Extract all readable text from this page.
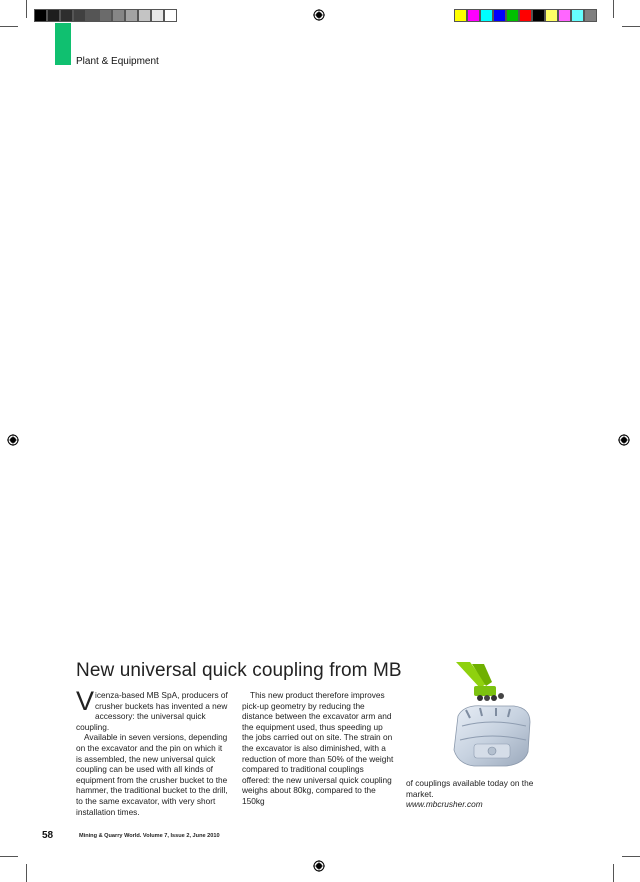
Plant & Equipment
New universal quick coupling from MB

Vicenza-based MB SpA, producers of crusher buckets has invented a new accessory: the universal quick coupling.

Available in seven versions, depending on the excavator and the pin on which it is assembled, the new universal quick coupling can be used with all kinds of equipment from the crusher bucket to the hammer, the traditional bucket to the drill, to the same excavator, with very short installation times.

This new product therefore improves pick-up geometry by reducing the distance between the excavator arm and the equipment used, thus speeding up the jobs carried out on site. The strain on the excavator is also diminished, with a reduction of more than 50% of the weight compared to traditional couplings offered: the new universal quick coupling weighs about 80kg, compared to the 150kg

of couplings available today on the market.

www.mbcrusher.com

58	Mining & Quarry World. Volume 7, Issue 2, June 2010
